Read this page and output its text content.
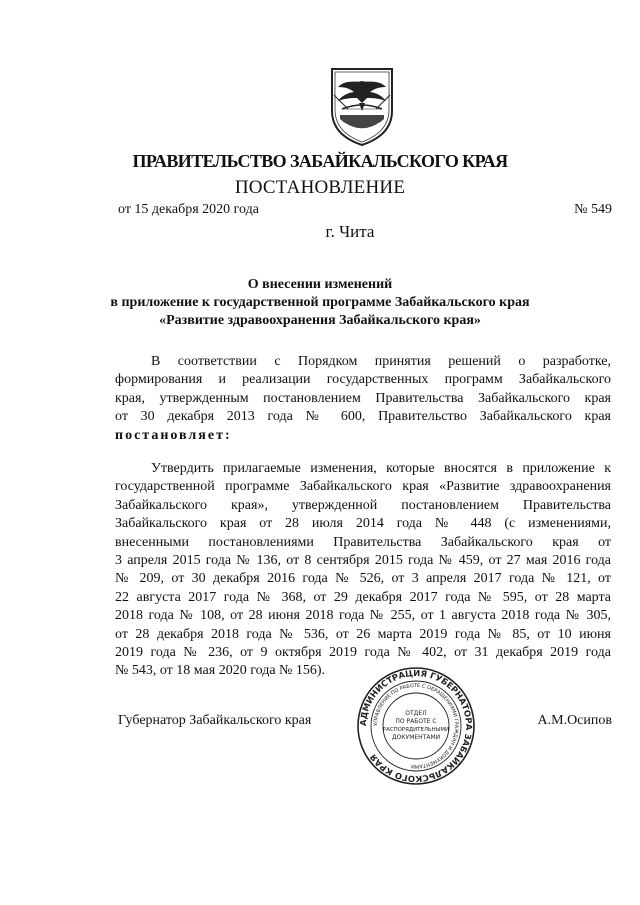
ПРАВИТЕЛЬСТВО ЗАБАЙКАЛЬСКОГО КРАЯ
ПОСТАНОВЛЕНИЕ
от 15 декабря 2020 года	№ 549
г. Чита
О внесении изменений
в приложение к государственной программе Забайкальского края
«Развитие здравоохранения Забайкальского края»
В соответствии с Порядком принятия решений о разработке,
формирования и реализации государственных программ Забайкальского
края, утвержденным постановлением Правительства Забайкальского края
от 30 декабря 2013 года № 600, Правительство Забайкальского края
постановляет:
Утвердить прилагаемые изменения, которые вносятся в приложение к
государственной программе Забайкальского края «Развитие здравоохранения
Забайкальского края», утвержденной постановлением Правительства
Забайкальского края от 28 июля 2014 года № 448 (с изменениями,
внесенными постановлениями Правительства Забайкальского края от
3 апреля 2015 года № 136, от 8 сентября 2015 года № 459, от 27 мая 2016 года
№ 209, от 30 декабря 2016 года № 526, от 3 апреля 2017 года № 121, от
22 августа 2017 года № 368, от 29 декабря 2017 года № 595, от 28 марта
2018 года № 108, от 28 июня 2018 года № 255, от 1 августа 2018 года № 305,
от 28 декабря 2018 года № 536, от 26 марта 2019 года № 85, от 10 июня
2019 года № 236, от 9 октября 2019 года № 402, от 31 декабря 2019 года
№ 543, от 18 мая 2020 года № 156).
Губернатор Забайкальского края	А.М.Осипов
АДМИНИСТРАЦИЯ ГУБЕРНАТОРА ЗАБАЙКАЛЬСКОГО КРАЯ
УПРАВЛЕНИЕ ПО РАБОТЕ С ОБРАЩЕНИЯМИ ГРАЖДАН И ДОКУМЕНТАМИ
ОТДЕЛ
ПО РАБОТЕ С
РАСПОРЯДИТЕЛЬНЫМИ
ДОКУМЕНТАМИ
